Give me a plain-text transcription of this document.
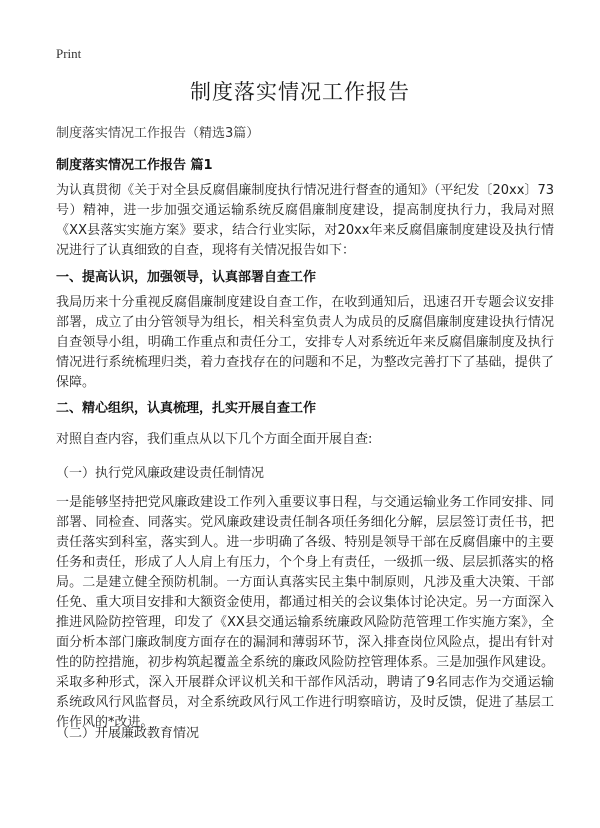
Print
制度落实情况工作报告
制度落实情况工作报告（精选3篇）
制度落实情况工作报告 篇1

为认真贯彻《关于对全县反腐倡廉制度执行情况进行督查的通知》（平纪发〔20xx〕73号）精神，进一步加强交通运输系统反腐倡廉制度建设，提高制度执行力，我局对照《XX县落实实施方案》要求，结合行业实际，对20xx年来反腐倡廉制度建设及执行情况进行了认真细致的自查，现将有关情况报告如下：

一、提高认识，加强领导，认真部署自查工作

我局历来十分重视反腐倡廉制度建设自查工作，在收到通知后，迅速召开专题会议安排部署，成立了由分管领导为组长，相关科室负责人为成员的反腐倡廉制度建设执行情况自查领导小组，明确工作重点和责任分工，安排专人对系统近年来反腐倡廉制度及执行情况进行系统梳理归类，着力查找存在的问题和不足，为整改完善打下了基础，提供了保障。

二、精心组织，认真梳理，扎实开展自查工作

对照自查内容，我们重点从以下几个方面全面开展自查:

（一）执行党风廉政建设责任制情况

一是能够坚持把党风廉政建设工作列入重要议事日程，与交通运输业务工作同安排、同部署、同检查、同落实。党风廉政建设责任制各项任务细化分解，层层签订责任书，把责任落实到科室，落实到人。进一步明确了各级、特别是领导干部在反腐倡廉中的主要任务和责任，形成了人人肩上有压力，个个身上有责任，一级抓一级、层层抓落实的格局。二是建立健全预防机制。一方面认真落实民主集中制原则，凡涉及重大决策、干部任免、重大项目安排和大额资金使用，都通过相关的会议集体讨论决定。另一方面深入推进风险防控管理，印发了《XX县交通运输系统廉政风险防范管理工作实施方案》，全面分析本部门廉政制度方面存在的漏洞和薄弱环节，深入排查岗位风险点，提出有针对性的防控措施，初步构筑起覆盖全系统的廉政风险防控管理体系。三是加强作风建设。采取多种形式，深入开展群众评议机关和干部作风活动，聘请了9名同志作为交通运输系统政风行风监督员，对全系统政风行风工作进行明察暗访，及时反馈，促进了基层工作作风的*改进。

（二）开展廉政教育情况
